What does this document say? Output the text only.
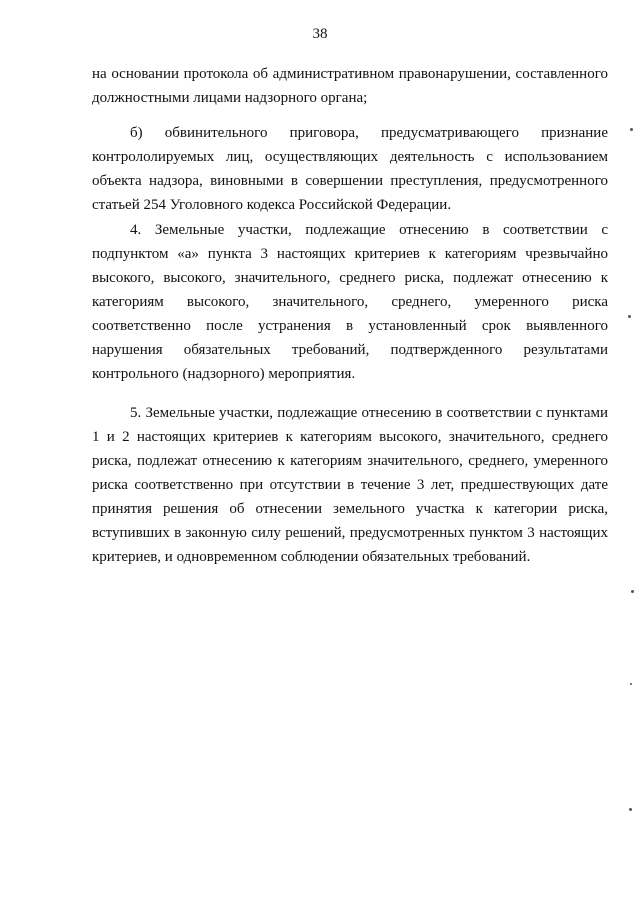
38

на основании протокола об административном правонарушении, составленного должностными лицами надзорного органа;

б) обвинительного приговора, предусматривающего признание контрололируемых лиц, осуществляющих деятельность с использованием объекта надзора, виновными в совершении преступления, предусмотренного статьей 254 Уголовного кодекса Российской Федерации.

4. Земельные участки, подлежащие отнесению в соответствии с подпунктом «а» пункта 3 настоящих критериев к категориям чрезвычайно высокого, высокого, значительного, среднего риска, подлежат отнесению к категориям высокого, значительного, среднего, умеренного риска соответственно после устранения в установленный срок выявленного нарушения обязательных требований, подтвержденного результатами контрольного (надзорного) мероприятия.

5. Земельные участки, подлежащие отнесению в соответствии с пунктами 1 и 2 настоящих критериев к категориям высокого, значительного, среднего риска, подлежат отнесению к категориям значительного, среднего, умеренного риска соответственно при отсутствии в течение 3 лет, предшествующих дате принятия решения об отнесении земельного участка к категории риска, вступивших в законную силу решений, предусмотренных пунктом 3 настоящих критериев, и одновременном соблюдении обязательных требований.
